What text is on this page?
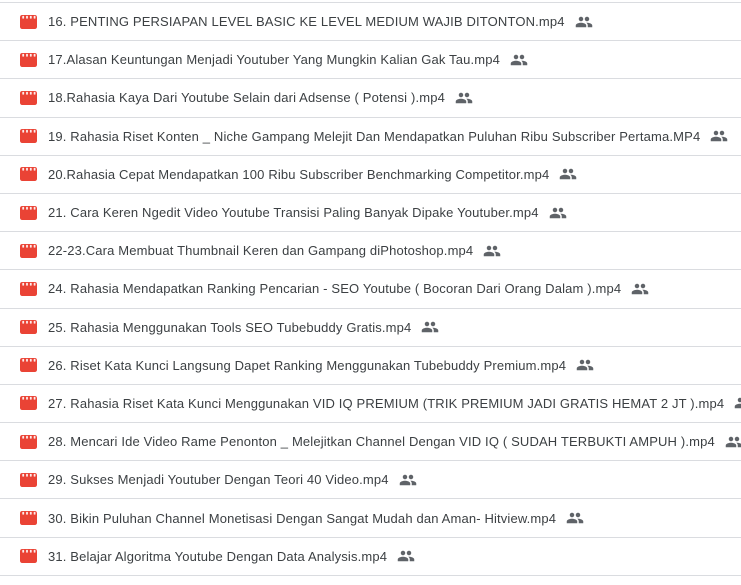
16. PENTING PERSIAPAN LEVEL BASIC KE LEVEL MEDIUM WAJIB DITONTON.mp4
17.Alasan Keuntungan Menjadi Youtuber Yang Mungkin Kalian Gak Tau.mp4
18.Rahasia Kaya Dari Youtube Selain dari Adsense ( Potensi ).mp4
19. Rahasia Riset Konten _ Niche Gampang Melejit Dan Mendapatkan Puluhan Ribu Subscriber Pertama.MP4
20.Rahasia Cepat Mendapatkan 100 Ribu Subscriber Benchmarking Competitor.mp4
21. Cara Keren Ngedit Video Youtube Transisi Paling Banyak Dipake Youtuber.mp4
22-23.Cara Membuat Thumbnail Keren dan Gampang diPhotoshop.mp4
24. Rahasia Mendapatkan Ranking Pencarian - SEO Youtube ( Bocoran Dari Orang Dalam ).mp4
25. Rahasia Menggunakan Tools SEO Tubebuddy Gratis.mp4
26. Riset Kata Kunci Langsung Dapet Ranking Menggunakan Tubebuddy Premium.mp4
27. Rahasia Riset Kata Kunci Menggunakan VID IQ PREMIUM (TRIK PREMIUM JADI GRATIS HEMAT 2 JT ).mp4
28. Mencari Ide Video Rame Penonton _ Melejitkan Channel Dengan VID IQ ( SUDAH TERBUKTI AMPUH ).mp4
29. Sukses Menjadi Youtuber Dengan Teori 40 Video.mp4
30. Bikin Puluhan Channel Monetisasi Dengan Sangat Mudah dan Aman- Hitview.mp4
31. Belajar Algoritma Youtube Dengan Data Analysis.mp4
